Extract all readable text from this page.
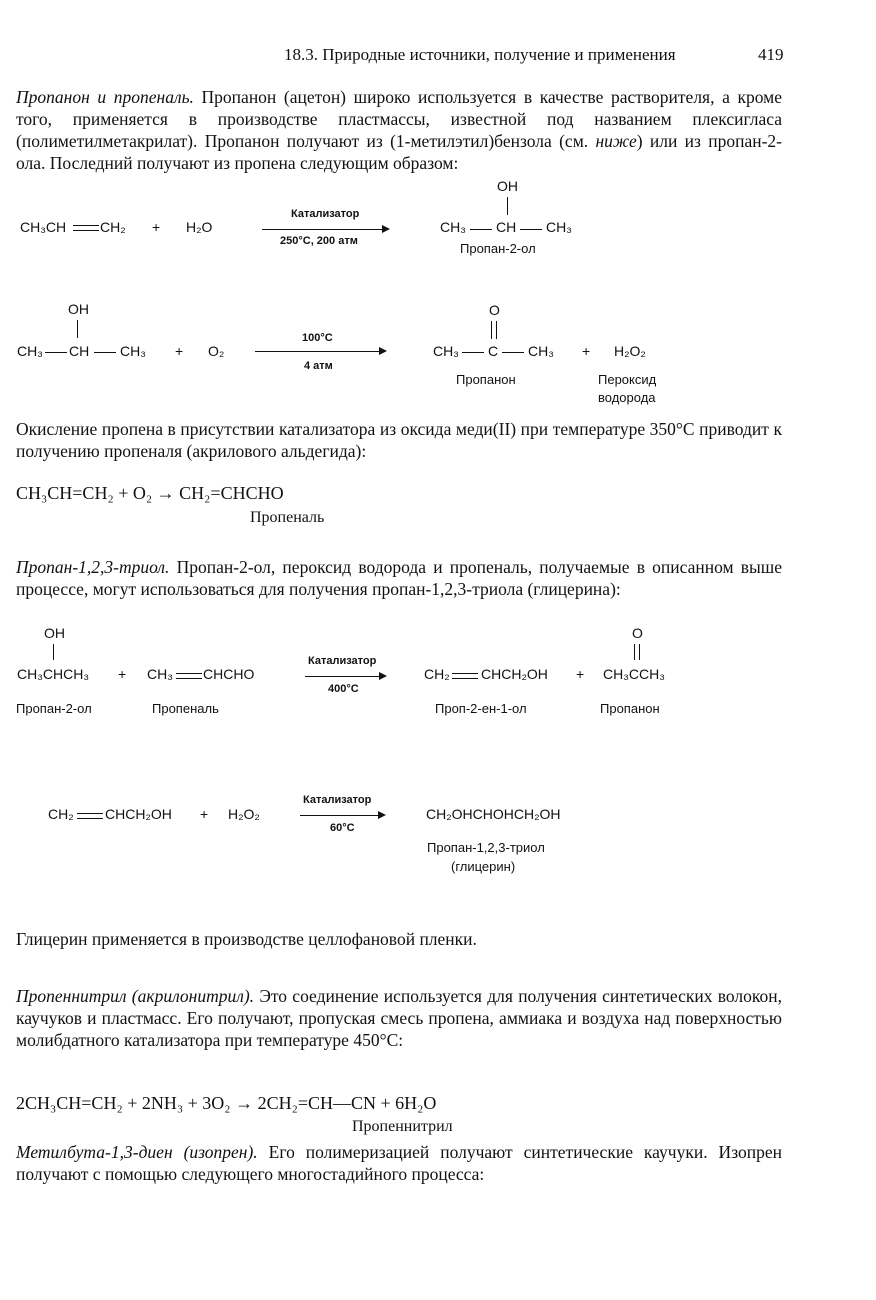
18.3. Природные источники, получение и применения	419
Пропанон и пропеналь. Пропанон (ацетон) широко используется в качестве растворителя, а кроме того, применяется в производстве пластмассы, известной под названием плексигласа (полиметилметакрилат). Пропанон получают из (1-метилэтил)бензола (см. ниже) или из пропан-2-ола. Последний получают из пропена следующим образом:
CH₃CH CH₂ + H₂O
Катализатор
250°C, 200 атм
OH
CH₃ CH CH₃
Пропан-2-ол
OH
CH₃ CH CH₃ + O₂
100°C
4 атм
O
CH₃ C CH₃ + H₂O₂
Пропанон	Пероксид
водорода
Окисление пропена в присутствии катализатора из оксида меди(II) при температуре 350°C приводит к получению пропеналя (акрилового альдегида):
CH₃CH=CH₂ + O₂ → CH₂=CHCHO
Пропеналь
Пропан-1,2,3-триол. Пропан-2-ол, пероксид водорода и пропеналь, получаемые в описанном выше процессе, могут использоваться для получения пропан-1,2,3-триола (глицерина):
OH
CH₃CHCH₃ + CH₃ CHCHO
Катализатор
400°C
CH₂ CHCH₂OH +
O
CH₃CCH₃
Пропан-2-ол	Пропеналь	Проп-2-ен-1-ол	Пропанон
CH₂ CHCH₂OH + H₂O₂
Катализатор
60°C
CH₂OHCHOHCH₂OH
Пропан-1,2,3-триол
(глицерин)
Глицерин применяется в производстве целлофановой пленки.
Пропеннитрил (акрилонитрил). Это соединение используется для получения синтетических волокон, каучуков и пластмасс. Его получают, пропуская смесь пропена, аммиака и воздуха над поверхностью молибдатного катализатора при температуре 450°C:
2CH₃CH=CH₂ + 2NH₃ + 3O₂ → 2CH₂=CH—CN + 6H₂O
Пропеннитрил
Метилбута-1,3-диен (изопрен). Его полимеризацией получают синтетические каучуки. Изопрен получают с помощью следующего многостадийного процесса:
